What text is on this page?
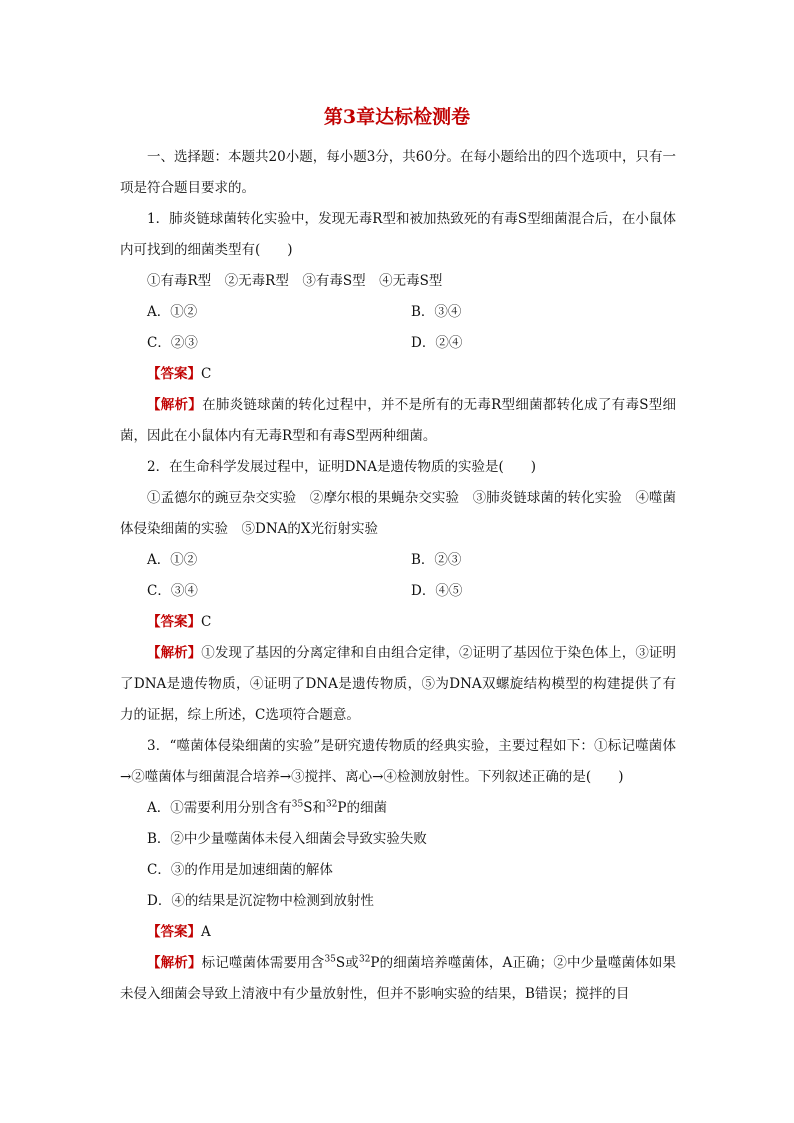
第3章达标检测卷

一、选择题：本题共20小题，每小题3分，共60分。在每小题给出的四个选项中，只有一项是符合题目要求的。

1．肺炎链球菌转化实验中，发现无毒R型和被加热致死的有毒S型细菌混合后，在小鼠体内可找到的细菌类型有(　　)

①有毒R型　②无毒R型　③有毒S型　④无毒S型

A．①②	B．③④
C．②③	D．②④

【答案】C

【解析】在肺炎链球菌的转化过程中，并不是所有的无毒R型细菌都转化成了有毒S型细菌，因此在小鼠体内有无毒R型和有毒S型两种细菌。

2．在生命科学发展过程中，证明DNA是遗传物质的实验是(　　)

①孟德尔的豌豆杂交实验　②摩尔根的果蝇杂交实验　③肺炎链球菌的转化实验　④噬菌体侵染细菌的实验　⑤DNA的X光衍射实验

A．①②	B．②③
C．③④	D．④⑤

【答案】C

【解析】①发现了基因的分离定律和自由组合定律，②证明了基因位于染色体上，③证明了DNA是遗传物质，④证明了DNA是遗传物质，⑤为DNA双螺旋结构模型的构建提供了有力的证据，综上所述，C选项符合题意。

3．“噬菌体侵染细菌的实验”是研究遗传物质的经典实验，主要过程如下：①标记噬菌体→②噬菌体与细菌混合培养→③搅拌、离心→④检测放射性。下列叙述正确的是(　　)

A．①需要利用分别含有$^{35}$S和$^{32}$P的细菌

B．②中少量噬菌体未侵入细菌会导致实验失败

C．③的作用是加速细菌的解体

D．④的结果是沉淀物中检测到放射性

【答案】A

【解析】标记噬菌体需要用含$^{35}$S或$^{32}$P的细菌培养噬菌体，A正确；②中少量噬菌体如果未侵入细菌会导致上清液中有少量放射性，但并不影响实验的结果，B错误；搅拌的目
